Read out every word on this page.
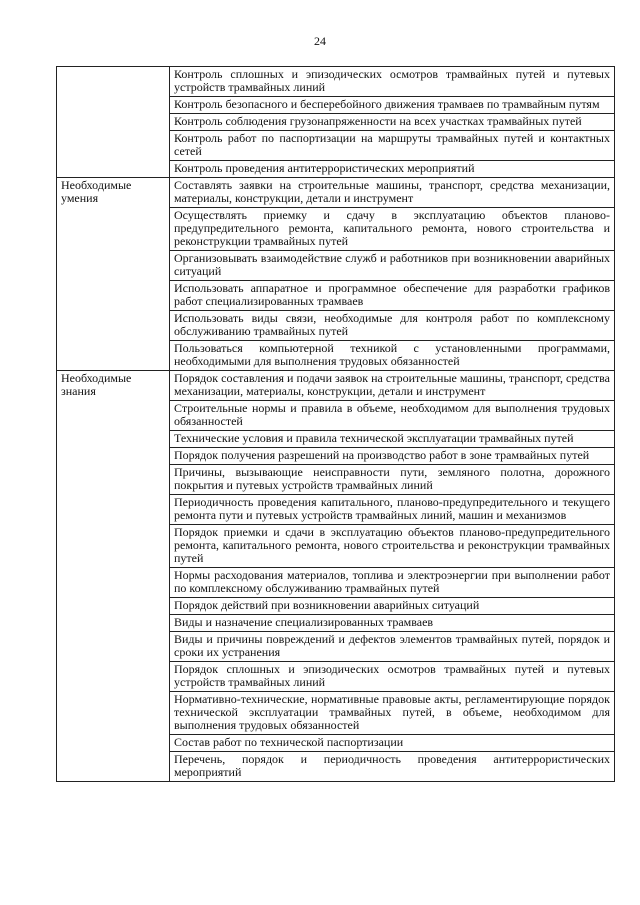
24
	Контроль сплошных и эпизодических осмотров трамвайных путей и путевых устройств трамвайных линий
	Контроль безопасного и бесперебойного движения трамваев по трамвайным путям
	Контроль соблюдения грузонапряженности на всех участках трамвайных путей
	Контроль работ по паспортизации на маршруты трамвайных путей и контактных сетей
	Контроль проведения антитеррористических мероприятий
Необходимые умения	Составлять заявки на строительные машины, транспорт, средства механизации, материалы, конструкции, детали и инструмент
	Осуществлять приемку и сдачу в эксплуатацию объектов планово-предупредительного ремонта, капитального ремонта, нового строительства и реконструкции трамвайных путей
	Организовывать взаимодействие служб и работников при возникновении аварийных ситуаций
	Использовать аппаратное и программное обеспечение для разработки графиков работ специализированных трамваев
	Использовать виды связи, необходимые для контроля работ по комплексному обслуживанию трамвайных путей
	Пользоваться компьютерной техникой с установленными программами, необходимыми для выполнения трудовых обязанностей
Необходимые знания	Порядок составления и подачи заявок на строительные машины, транспорт, средства механизации, материалы, конструкции, детали и инструмент
	Строительные нормы и правила в объеме, необходимом для выполнения трудовых обязанностей
	Технические условия и правила технической эксплуатации трамвайных путей
	Порядок получения разрешений на производство работ в зоне трамвайных путей
	Причины, вызывающие неисправности пути, земляного полотна, дорожного покрытия и путевых устройств трамвайных линий
	Периодичность проведения капитального, планово-предупредительного и текущего ремонта пути и путевых устройств трамвайных линий, машин и механизмов
	Порядок приемки и сдачи в эксплуатацию объектов планово-предупредительного ремонта, капитального ремонта, нового строительства и реконструкции трамвайных путей
	Нормы расходования материалов, топлива и электроэнергии при выполнении работ по комплексному обслуживанию трамвайных путей
	Порядок действий при возникновении аварийных ситуаций
	Виды и назначение специализированных трамваев
	Виды и причины повреждений и дефектов элементов трамвайных путей, порядок и сроки их устранения
	Порядок сплошных и эпизодических осмотров трамвайных путей и путевых устройств трамвайных линий
	Нормативно-технические, нормативные правовые акты, регламентирующие порядок технической эксплуатации трамвайных путей, в объеме, необходимом для выполнения трудовых обязанностей
	Состав работ по технической паспортизации
	Перечень, порядок и периодичность проведения антитеррористических мероприятий
